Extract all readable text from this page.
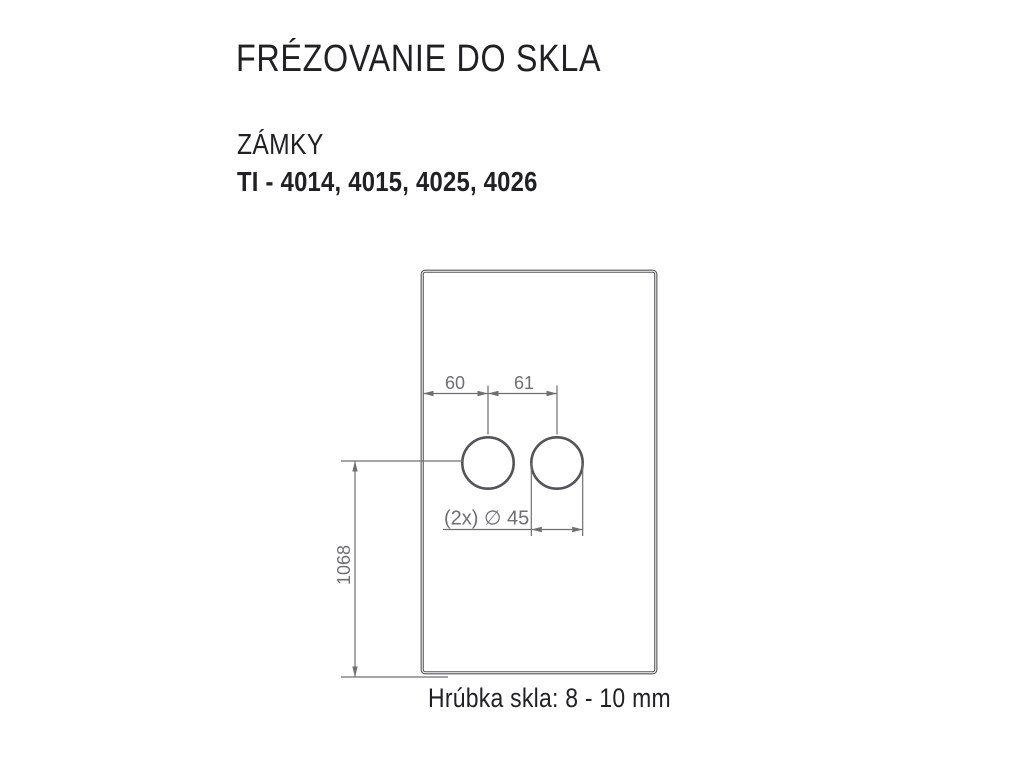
FRÉZOVANIE DO SKLA
ZÁMKY
TI - 4014, 4015, 4025, 4026
60	61
1068
(2x) ∅ 45
Hrúbka skla: 8 - 10 mm
